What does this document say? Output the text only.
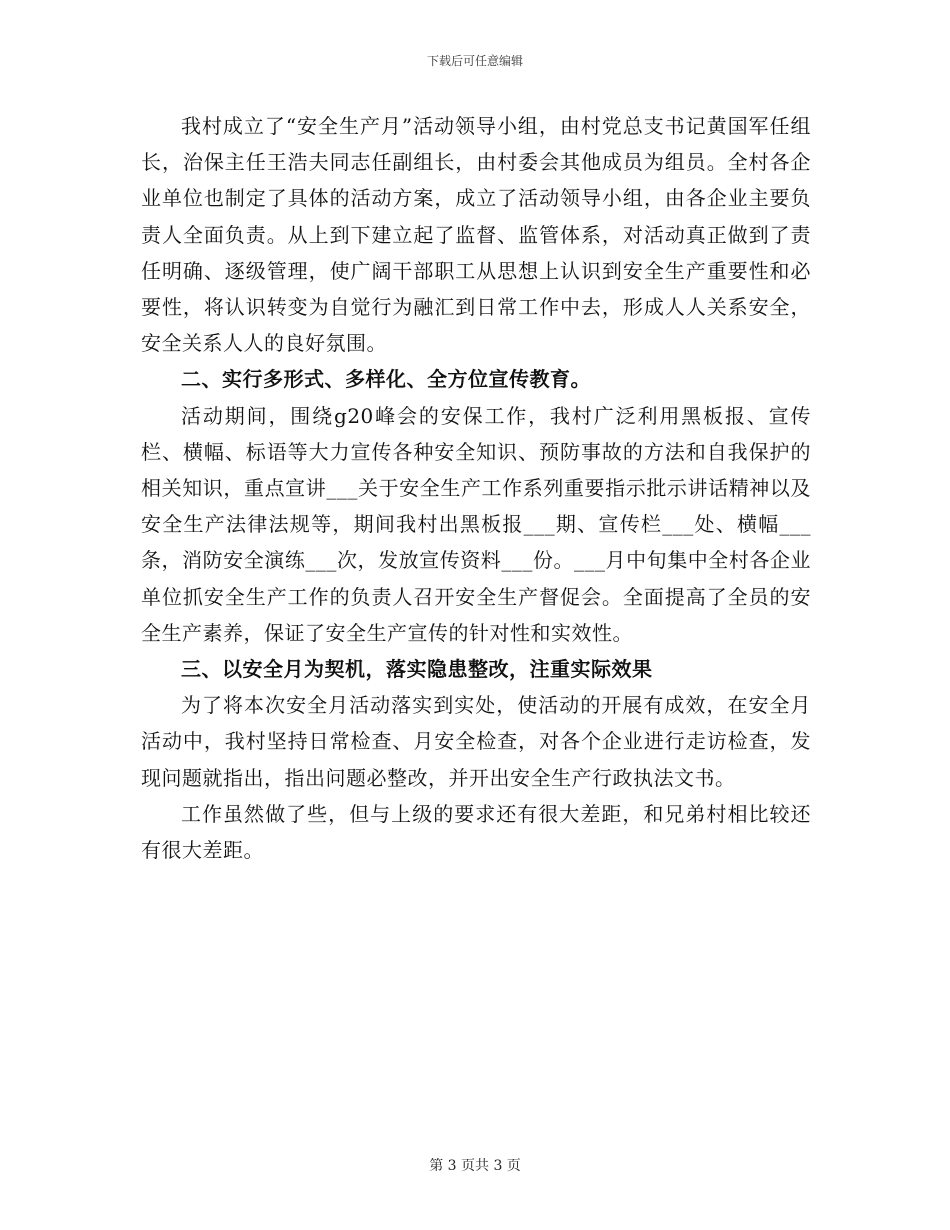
下载后可任意编辑

我村成立了“安全生产月”活动领导小组，由村党总支书记黄国军任组长，治保主任王浩夫同志任副组长，由村委会其他成员为组员。全村各企业单位也制定了具体的活动方案，成立了活动领导小组，由各企业主要负责人全面负责。从上到下建立起了监督、监管体系，对活动真正做到了责任明确、逐级管理，使广阔干部职工从思想上认识到安全生产重要性和必要性，将认识转变为自觉行为融汇到日常工作中去，形成人人关系安全，安全关系人人的良好氛围。

二、实行多形式、多样化、全方位宣传教育。

活动期间，围绕g20峰会的安保工作，我村广泛利用黑板报、宣传栏、横幅、标语等大力宣传各种安全知识、预防事故的方法和自我保护的相关知识，重点宣讲___关于安全生产工作系列重要指示批示讲话精神以及安全生产法律法规等，期间我村出黑板报___期、宣传栏___处、横幅___条，消防安全演练___次，发放宣传资料___份。___月中旬集中全村各企业单位抓安全生产工作的负责人召开安全生产督促会。全面提高了全员的安全生产素养，保证了安全生产宣传的针对性和实效性。

三、以安全月为契机，落实隐患整改，注重实际效果

为了将本次安全月活动落实到实处，使活动的开展有成效，在安全月活动中，我村坚持日常检查、月安全检查，对各个企业进行走访检查，发现问题就指出，指出问题必整改，并开出安全生产行政执法文书。

工作虽然做了些，但与上级的要求还有很大差距，和兄弟村相比较还有很大差距。

第 3 页共 3 页
